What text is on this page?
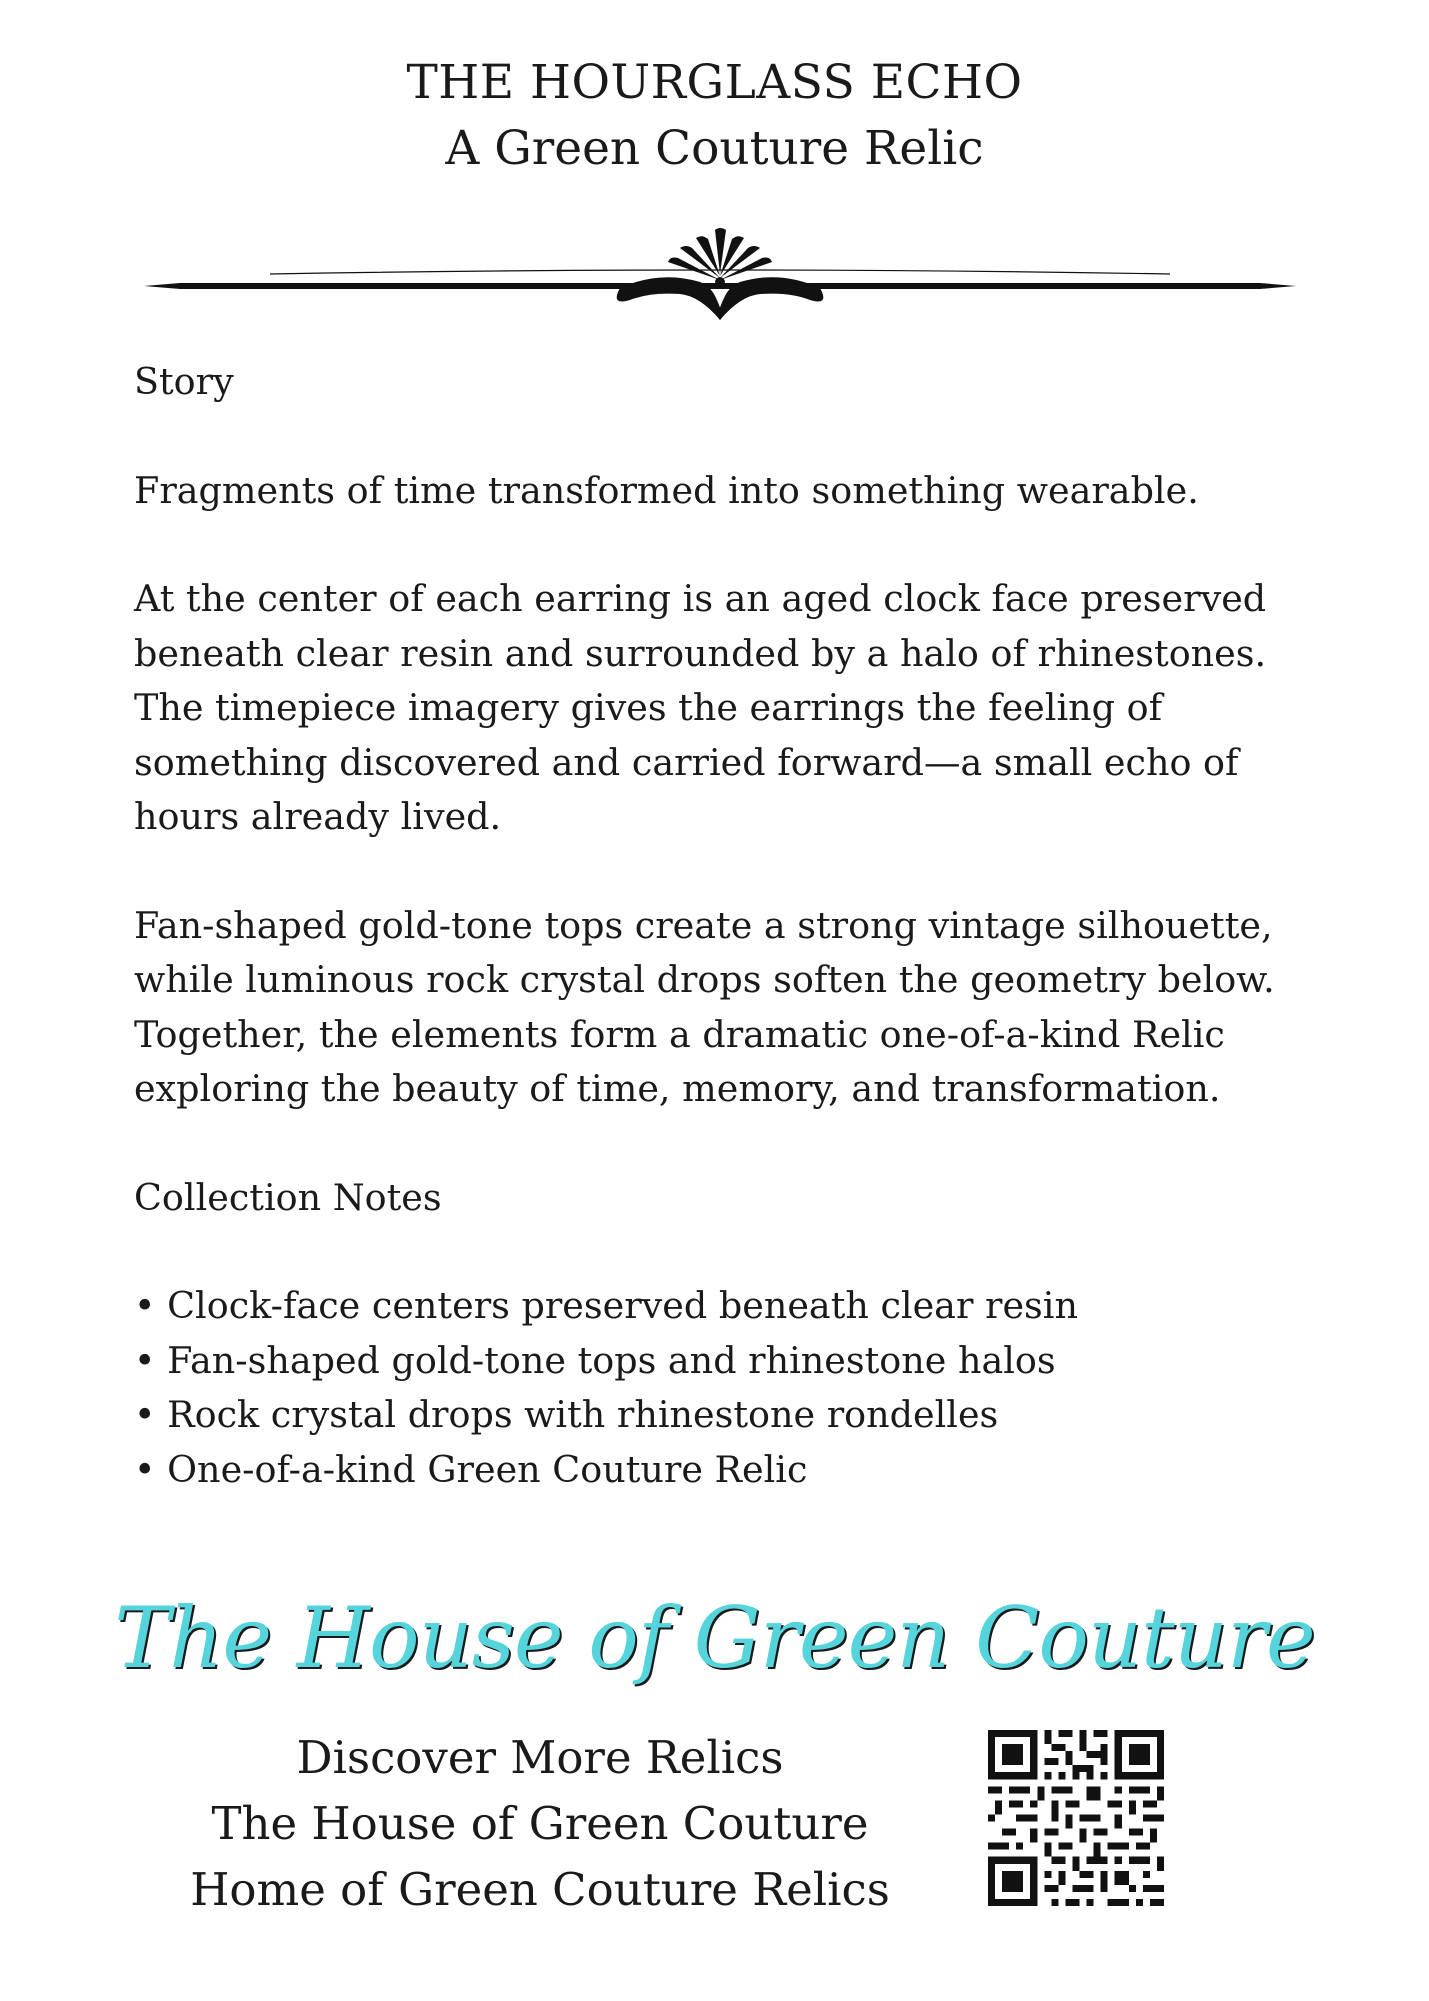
THE HOURGLASS ECHO
A Green Couture Relic

Story

Fragments of time transformed into something wearable.

At the center of each earring is an aged clock face preserved beneath clear resin and surrounded by a halo of rhinestones. The timepiece imagery gives the earrings the feeling of something discovered and carried forward—a small echo of hours already lived.

Fan-shaped gold-tone tops create a strong vintage silhouette, while luminous rock crystal drops soften the geometry below. Together, the elements form a dramatic one-of-a-kind Relic exploring the beauty of time, memory, and transformation.

Collection Notes

• Clock-face centers preserved beneath clear resin
• Fan-shaped gold-tone tops and rhinestone halos
• Rock crystal drops with rhinestone rondelles
• One-of-a-kind Green Couture Relic
The House of Green Couture
Discover More Relics
The House of Green Couture
Home of Green Couture Relics
